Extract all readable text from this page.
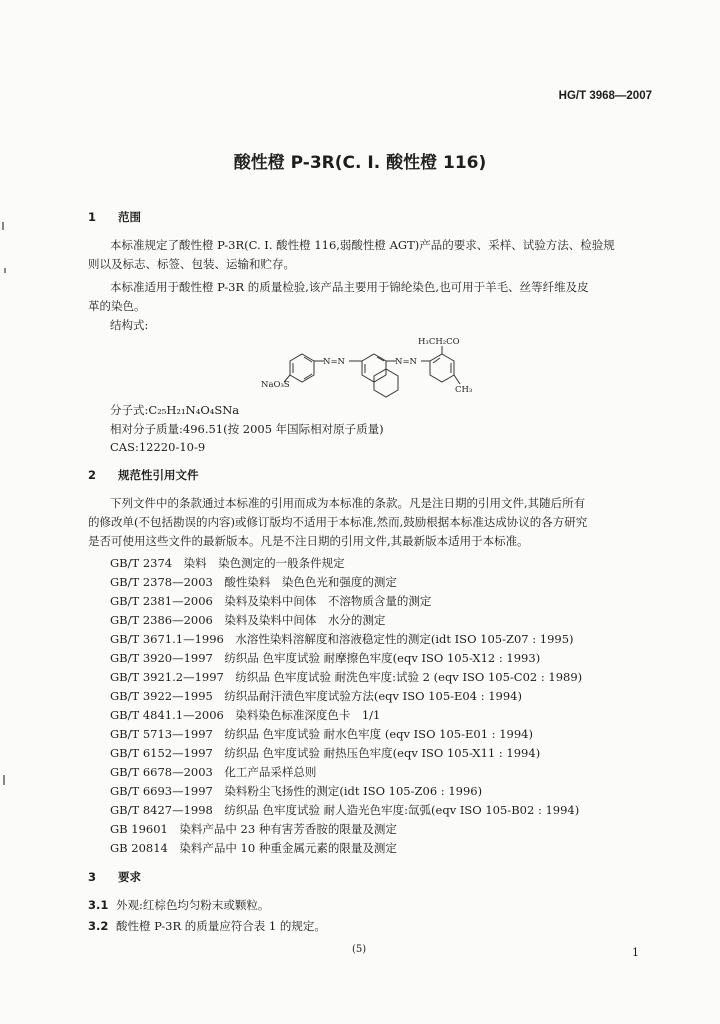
HG/T 3968—2007
酸性橙 P-3R(C. I. 酸性橙 116)
1 范围
本标准规定了酸性橙 P-3R(C. I. 酸性橙 116,弱酸性橙 AGT)产品的要求、采样、试验方法、检验规
则以及标志、标签、包装、运输和贮存。
本标准适用于酸性橙 P-3R 的质量检验,该产品主要用于锦纶染色,也可用于羊毛、丝等纤维及皮
革的染色。
结构式:
NaO₃S
N=N	N=N
H₃CH₂CO
CH₃
分子式:C₂₅H₂₁N₄O₄SNa
相对分子质量:496.51(按 2005 年国际相对原子质量)
CAS:12220-10-9
2 规范性引用文件
下列文件中的条款通过本标准的引用而成为本标准的条款。凡是注日期的引用文件,其随后所有
的修改单(不包括勘误的内容)或修订版均不适用于本标准,然而,鼓励根据本标准达成协议的各方研究
是否可使用这些文件的最新版本。凡是不注日期的引用文件,其最新版本适用于本标准。
GB/T 2374　染料　染色测定的一般条件规定
GB/T 2378—2003　酸性染料　染色色光和强度的测定
GB/T 2381—2006　染料及染料中间体　不溶物质含量的测定
GB/T 2386—2006　染料及染料中间体　水分的测定
GB/T 3671.1—1996　水溶性染料溶解度和溶液稳定性的测定(idt ISO 105-Z07 : 1995)
GB/T 3920—1997　纺织品 色牢度试验 耐摩擦色牢度(eqv ISO 105-X12 : 1993)
GB/T 3921.2—1997　纺织品 色牢度试验 耐洗色牢度:试验 2 (eqv ISO 105-C02 : 1989)
GB/T 3922—1995　纺织品耐汗渍色牢度试验方法(eqv ISO 105-E04 : 1994)
GB/T 4841.1—2006　染料染色标准深度色卡　1/1
GB/T 5713—1997　纺织品 色牢度试验 耐水色牢度 (eqv ISO 105-E01 : 1994)
GB/T 6152—1997　纺织品 色牢度试验 耐热压色牢度(eqv ISO 105-X11 : 1994)
GB/T 6678—2003　化工产品采样总则
GB/T 6693—1997　染料粉尘飞扬性的测定(idt ISO 105-Z06 : 1996)
GB/T 8427—1998　纺织品 色牢度试验 耐人造光色牢度:氙弧(eqv ISO 105-B02 : 1994)
GB 19601　染料产品中 23 种有害芳香胺的限量及测定
GB 20814　染料产品中 10 种重金属元素的限量及测定
3 要求
3.1 外观:红棕色均匀粉末或颗粒。
3.2 酸性橙 P-3R 的质量应符合表 1 的规定。
(5)	1
